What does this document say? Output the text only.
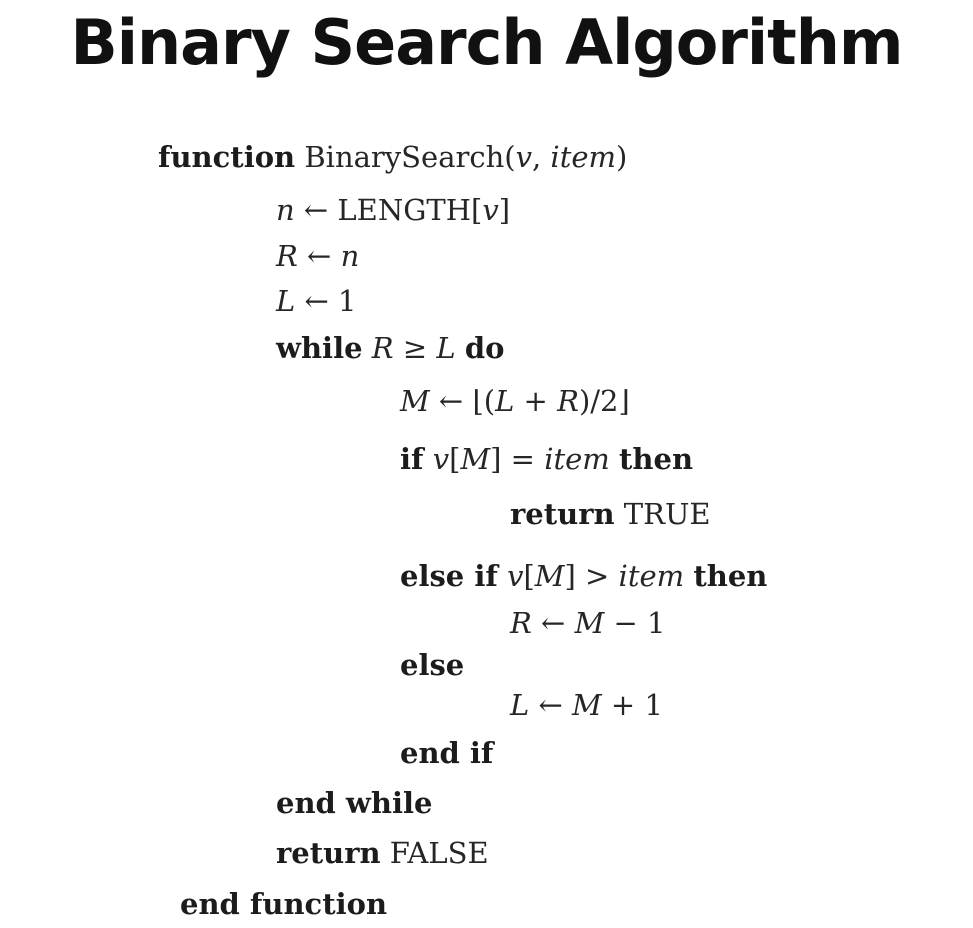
Binary Search Algorithm
function BinarySearch(v, item)
n ← LENGTH[v]
R ← n
L ← 1
while R ≥ L do
M ← ⌊(L + R)/2⌋
if v[M] = item then
return TRUE
else if v[M] > item then
R ← M − 1
else
L ← M + 1
end if
end while
return FALSE
end function
